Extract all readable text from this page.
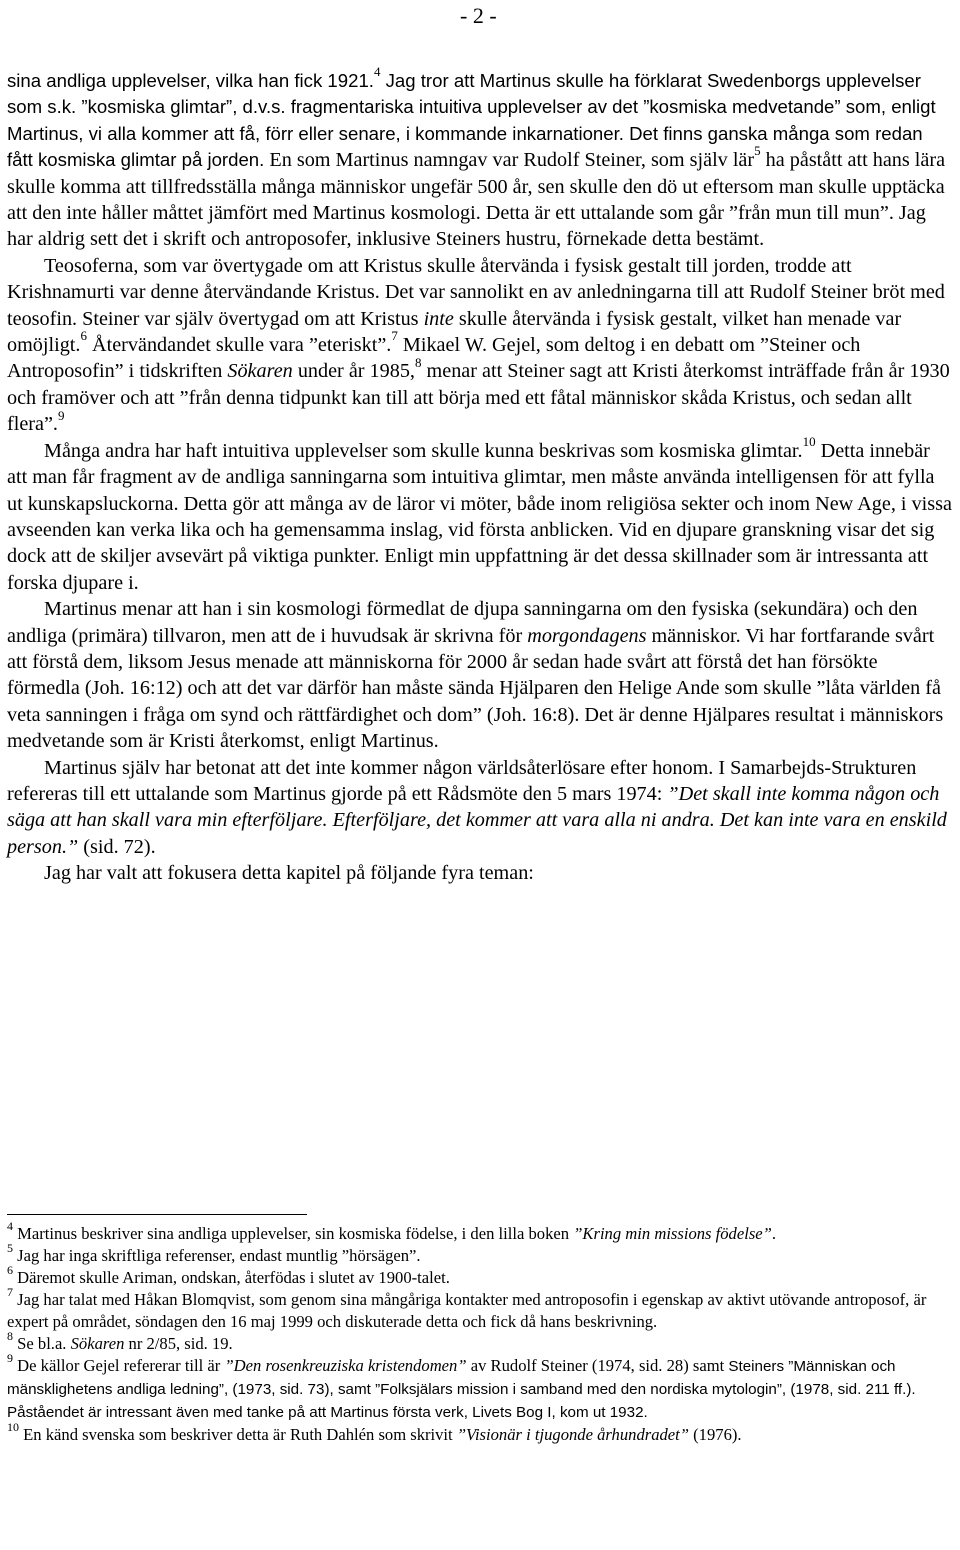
- 2 -

sina andliga upplevelser, vilka han fick 1921.$^4$ Jag tror att Martinus skulle ha förklarat Swedenborgs upplevelser som s.k. ”kosmiska glimtar”, d.v.s. fragmentariska intuitiva upplevelser av det ”kosmiska medvetande” som, enligt Martinus, vi alla kommer att få, förr eller senare, i kommande inkarnationer. Det finns ganska många som redan fått kosmiska glimtar på jorden. En som Martinus namngav var Rudolf Steiner, som själv lär$^5$ ha påstått att hans lära skulle komma att tillfredsställa många människor ungefär 500 år, sen skulle den dö ut eftersom man skulle upptäcka att den inte håller måttet jämfört med Martinus kosmologi. Detta är ett uttalande som går ”från mun till mun”. Jag har aldrig sett det i skrift och antroposofer, inklusive Steiners hustru, förnekade detta bestämt.

Teosoferna, som var övertygade om att Kristus skulle återvända i fysisk gestalt till jorden, trodde att Krishnamurti var denne återvändande Kristus. Det var sannolikt en av anledningarna till att Rudolf Steiner bröt med teosofin. Steiner var själv övertygad om att Kristus inte skulle återvända i fysisk gestalt, vilket han menade var omöjligt.$^6$ Återvändandet skulle vara ”eteriskt”.$^7$ Mikael W. Gejel, som deltog i en debatt om ”Steiner och Antroposofin” i tidskriften Sökaren under år 1985,$^8$ menar att Steiner sagt att Kristi återkomst inträffade från år 1930 och framöver och att ”från denna tidpunkt kan till att börja med ett fåtal människor skåda Kristus, och sedan allt flera”.$^9$

Många andra har haft intuitiva upplevelser som skulle kunna beskrivas som kosmiska glimtar.$^{10}$ Detta innebär att man får fragment av de andliga sanningarna som intuitiva glimtar, men måste använda intelligensen för att fylla ut kunskapsluckorna. Detta gör att många av de läror vi möter, både inom religiösa sekter och inom New Age, i vissa avseenden kan verka lika och ha gemensamma inslag, vid första anblicken. Vid en djupare granskning visar det sig dock att de skiljer avsevärt på viktiga punkter. Enligt min uppfattning är det dessa skillnader som är intressanta att forska djupare i.

Martinus menar att han i sin kosmologi förmedlat de djupa sanningarna om den fysiska (sekundära) och den andliga (primära) tillvaron, men att de i huvudsak är skrivna för morgondagens människor. Vi har fortfarande svårt att förstå dem, liksom Jesus menade att människorna för 2000 år sedan hade svårt att förstå det han försökte förmedla (Joh. 16:12) och att det var därför han måste sända Hjälparen den Helige Ande som skulle ”låta världen få veta sanningen i fråga om synd och rättfärdighet och dom” (Joh. 16:8). Det är denne Hjälpares resultat i människors medvetande som är Kristi återkomst, enligt Martinus.

Martinus själv har betonat att det inte kommer någon världsåterlösare efter honom. I Samarbejds-Strukturen refereras till ett uttalande som Martinus gjorde på ett Rådsmöte den 5 mars 1974: ”Det skall inte komma någon och säga att han skall vara min efterföljare. Efterföljare, det kommer att vara alla ni andra. Det kan inte vara en enskild person.” (sid. 72).

Jag har valt att fokusera detta kapitel på följande fyra teman:

$^4$ Martinus beskriver sina andliga upplevelser, sin kosmiska födelse, i den lilla boken ”Kring min missions födelse”.

$^5$ Jag har inga skriftliga referenser, endast muntlig ”hörsägen”.

$^6$ Däremot skulle Ariman, ondskan, återfödas i slutet av 1900-talet.

$^7$ Jag har talat med Håkan Blomqvist, som genom sina mångåriga kontakter med antroposofin i egenskap av aktivt utövande antroposof, är expert på området, söndagen den 16 maj 1999 och diskuterade detta och fick då hans beskrivning.

$^8$ Se bl.a. Sökaren nr 2/85, sid. 19.

$^9$ De källor Gejel refererar till är ”Den rosenkreuziska kristendomen” av Rudolf Steiner (1974, sid. 28) samt Steiners ”Människan och mänsklighetens andliga ledning”, (1973, sid. 73), samt ”Folksjälars mission i samband med den nordiska mytologin”, (1978, sid. 211 ff.). Påståendet är intressant även med tanke på att Martinus första verk, Livets Bog I, kom ut 1932.

$^{10}$ En känd svenska som beskriver detta är Ruth Dahlén som skrivit ”Visionär i tjugonde århundradet” (1976).
